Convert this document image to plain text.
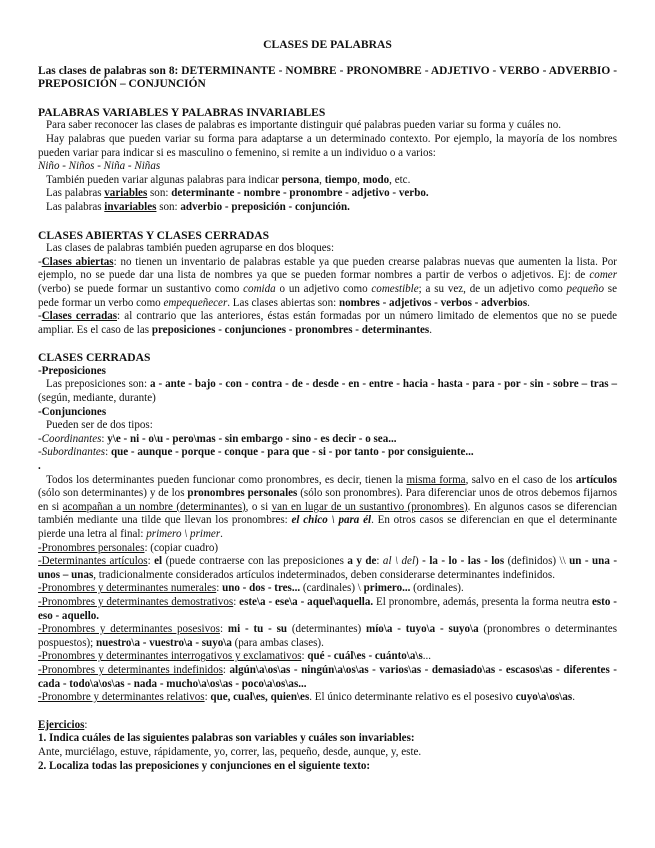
CLASES DE PALABRAS

Las clases de palabras son 8: DETERMINANTE - NOMBRE - PRONOMBRE - ADJETIVO - VERBO - ADVERBIO - PREPOSICIÓN – CONJUNCIÓN

PALABRAS VARIABLES Y PALABRAS INVARIABLES

Para saber reconocer las clases de palabras es importante distinguir qué palabras pueden variar su forma y cuáles no.

Hay palabras que pueden variar su forma para adaptarse a un determinado contexto. Por ejemplo, la mayoría de los nombres pueden variar para indicar si es masculino o femenino, si remite a un individuo o a varios:

Niño - Niños - Niña - Niñas

También pueden variar algunas palabras para indicar persona, tiempo, modo, etc.

Las palabras variables son: determinante - nombre - pronombre - adjetivo - verbo.

Las palabras invariables son: adverbio - preposición - conjunción.

CLASES ABIERTAS Y CLASES CERRADAS

Las clases de palabras también pueden agruparse en dos bloques:

-Clases abiertas: no tienen un inventario de palabras estable ya que pueden crearse palabras nuevas que aumenten la lista. Por ejemplo, no se puede dar una lista de nombres ya que se pueden formar nombres a partir de verbos o adjetivos. Ej: de comer (verbo) se puede formar un sustantivo como comida o un adjetivo como comestible; a su vez, de un adjetivo como pequeño se pede formar un verbo como empequeñecer. Las clases abiertas son: nombres - adjetivos - verbos - adverbios.

-Clases cerradas: al contrario que las anteriores, éstas están formadas por un número limitado de elementos que no se puede ampliar. Es el caso de las preposiciones - conjunciones - pronombres - determinantes.

CLASES CERRADAS

-Preposiciones

Las preposiciones son: a - ante - bajo - con - contra - de - desde - en - entre - hacia - hasta - para - por - sin - sobre – tras – (según, mediante, durante)

-Conjunciones

Pueden ser de dos tipos:

-Coordinantes: y\e - ni - o\u - pero\mas - sin embargo - sino - es decir - o sea...

-Subordinantes: que - aunque - porque - conque - para que - si - por tanto - por consiguiente...

.

Todos los determinantes pueden funcionar como pronombres, es decir, tienen la misma forma, salvo en el caso de los artículos (sólo son determinantes) y de los pronombres personales (sólo son pronombres). Para diferenciar unos de otros debemos fijarnos en si acompañan a un nombre (determinantes), o si van en lugar de un sustantivo (pronombres). En algunos casos se diferencian también mediante una tilde que llevan los pronombres: el chico \ para él. En otros casos se diferencian en que el determinante pierde una letra al final: primero \ primer.

-Pronombres personales: (copiar cuadro)

-Determinantes artículos: el (puede contraerse con las preposiciones a y de: al \ del) - la - lo - las - los (definidos) \\ un - una - unos – unas, tradicionalmente considerados artículos indeterminados, deben considerarse determinantes indefinidos.

-Pronombres y determinantes numerales: uno - dos - tres... (cardinales) \ primero... (ordinales).

-Pronombres y determinantes demostrativos: este\a - ese\a - aquel\aquella. El pronombre, además, presenta la forma neutra esto - eso - aquello.

-Pronombres y determinantes posesivos: mi - tu - su (determinantes) mío\a - tuyo\a - suyo\a (pronombres o determinantes pospuestos); nuestro\a - vuestro\a - suyo\a (para ambas clases).

-Pronombres y determinantes interrogativos y exclamativos: qué - cuál\es - cuánto\a\s...

-Pronombres y determinantes indefinidos: algún\a\os\as - ningún\a\os\as - varios\as - demasiado\as - escasos\as - diferentes - cada - todo\a\os\as - nada - mucho\a\os\as - poco\a\os\as...

-Pronombre y determinantes relativos: que, cual\es, quien\es. El único determinante relativo es el posesivo cuyo\a\os\as.

Ejercicios:

1. Indica cuáles de las siguientes palabras son variables y cuáles son invariables:

Ante, murciélago, estuve, rápidamente, yo, correr, las, pequeño, desde, aunque, y, este.

2. Localiza todas las preposiciones y conjunciones en el siguiente texto:
